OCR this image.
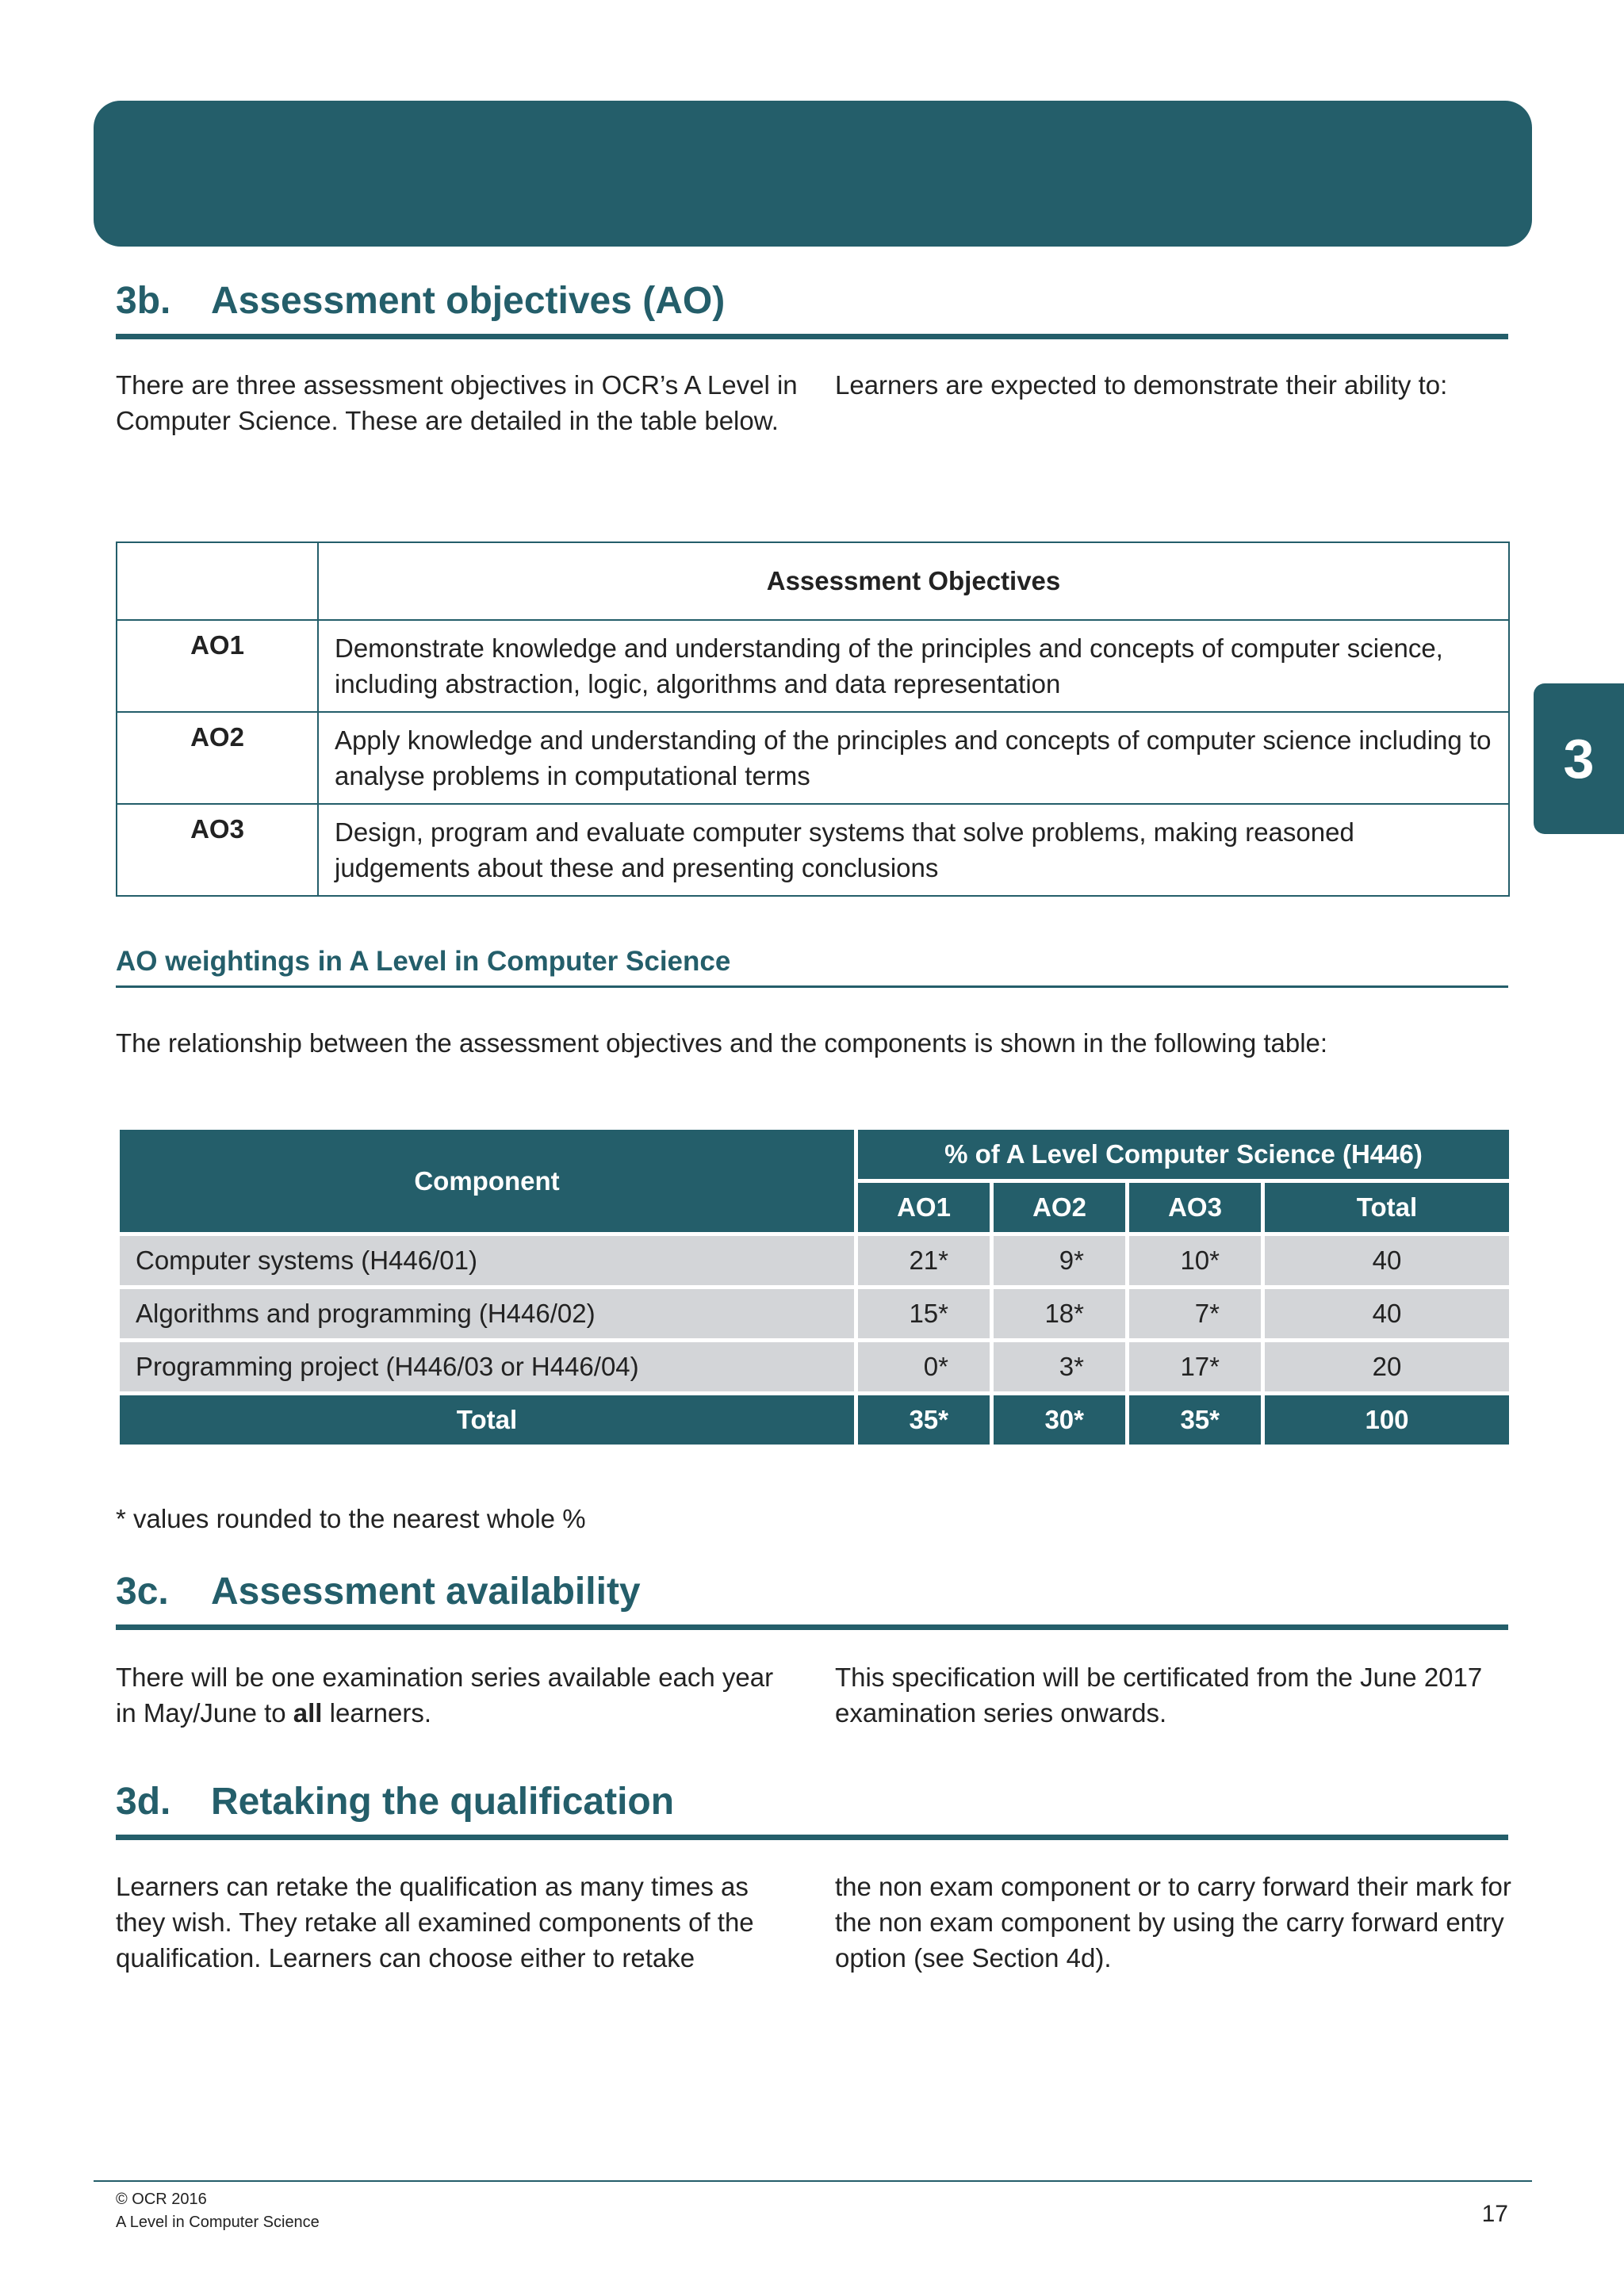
3
3b. Assessment objectives (AO)
There are three assessment objectives in OCR’s A Level in Computer Science. These are detailed in the table below.
Learners are expected to demonstrate their ability to:
	Assessment Objectives
AO1	Demonstrate knowledge and understanding of the principles and concepts of computer science, including abstraction, logic, algorithms and data representation
AO2	Apply knowledge and understanding of the principles and concepts of computer science including to analyse problems in computational terms
AO3	Design, program and evaluate computer systems that solve problems, making reasoned judgements about these and presenting conclusions
AO weightings in A Level in Computer Science
The relationship between the assessment objectives and the components is shown in the following table:
Component	% of A Level Computer Science (H446)			
	AO1	AO2	AO3	Total
Computer systems (H446/01)	21*	9*	10*	40
Algorithms and programming (H446/02)	15*	18*	7*	40
Programming project (H446/03 or H446/04)	0*	3*	17*	20
Total	35*	30*	35*	100
* values rounded to the nearest whole %
3c. Assessment availability
There will be one examination series available each year in May/June to all learners.
This specification will be certificated from the June 2017 examination series onwards.
3d. Retaking the qualification
Learners can retake the qualification as many times as they wish. They retake all examined components of the qualification. Learners can choose either to retake
the non exam component or to carry forward their mark for the non exam component by using the carry forward entry option (see Section 4d).
© OCR 2016
A Level in Computer Science	17
